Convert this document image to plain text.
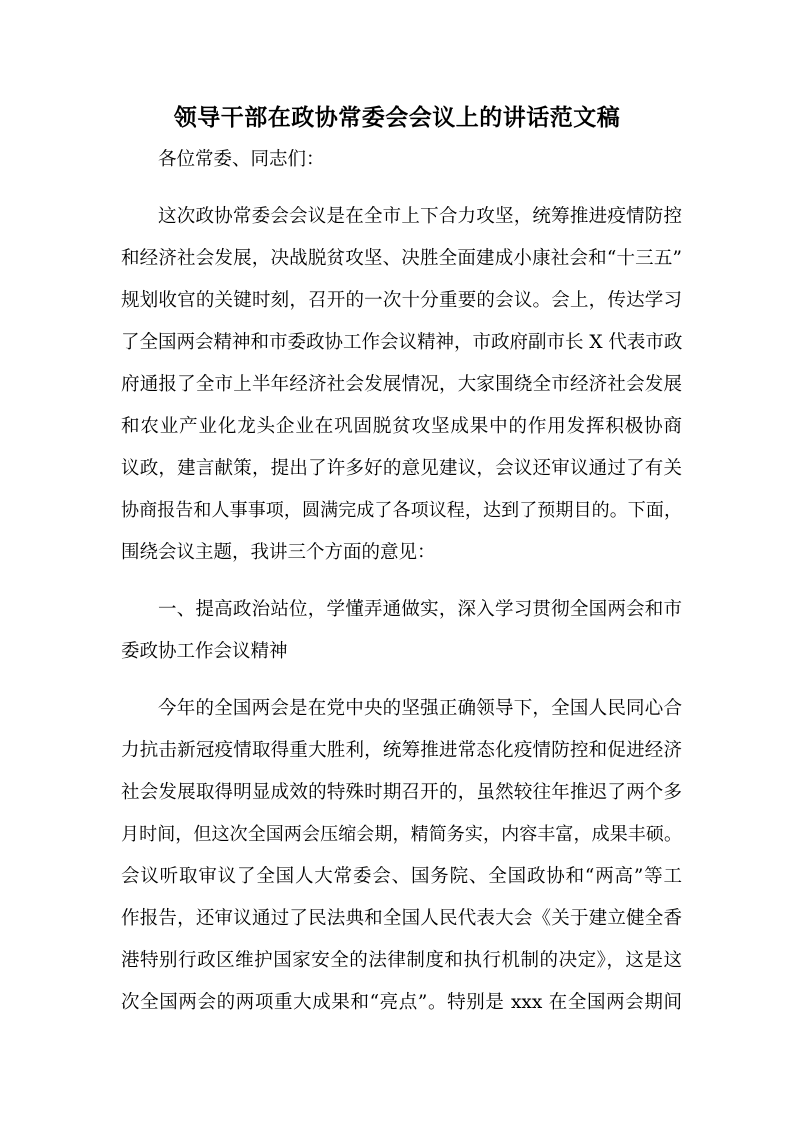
领导干部在政协常委会会议上的讲话范文稿

各位常委、同志们：

这次政协常委会会议是在全市上下合力攻坚，统筹推进疫情防控

和经济社会发展，决战脱贫攻坚、决胜全面建成小康社会和“十三五”

规划收官的关键时刻，召开的一次十分重要的会议。会上，传达学习

了全国两会精神和市委政协工作会议精神，市政府副市长 X 代表市政

府通报了全市上半年经济社会发展情况，大家围绕全市经济社会发展

和农业产业化龙头企业在巩固脱贫攻坚成果中的作用发挥积极协商

议政，建言献策，提出了许多好的意见建议，会议还审议通过了有关

协商报告和人事事项，圆满完成了各项议程，达到了预期目的。下面，

围绕会议主题，我讲三个方面的意见：

一、提高政治站位，学懂弄通做实，深入学习贯彻全国两会和市

委政协工作会议精神

今年的全国两会是在党中央的坚强正确领导下，全国人民同心合

力抗击新冠疫情取得重大胜利，统筹推进常态化疫情防控和促进经济

社会发展取得明显成效的特殊时期召开的，虽然较往年推迟了两个多

月时间，但这次全国两会压缩会期，精简务实，内容丰富，成果丰硕。

会议听取审议了全国人大常委会、国务院、全国政协和“两高”等工

作报告，还审议通过了民法典和全国人民代表大会《关于建立健全香

港特别行政区维护国家安全的法律制度和执行机制的决定》，这是这

次全国两会的两项重大成果和“亮点”。特别是 xxx 在全国两会期间
